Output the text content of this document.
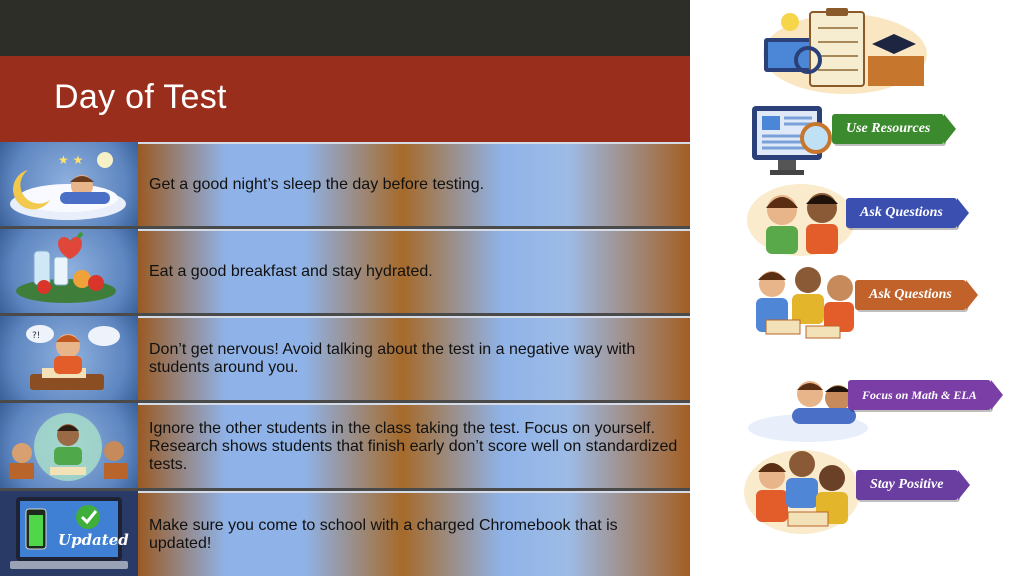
Day of Test
★ ★
Get a good night’s sleep the day before testing.
Eat a good breakfast and stay hydrated.
?!
Don’t get nervous! Avoid talking about the test in a negative way with students around you.
Ignore the other students in the class taking the test. Focus on yourself. Research shows students that finish early don’t score well on standardized tests.
Updated
Make sure you come to school with a charged Chromebook that is updated!
Use Resources
Ask Questions
Ask Questions
Focus on Math & ELA
Stay Positive
